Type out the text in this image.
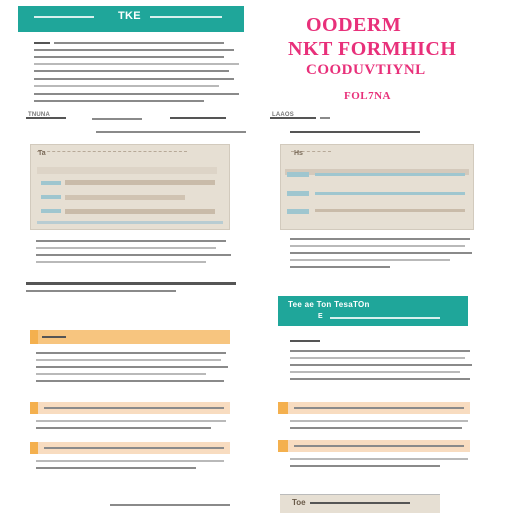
TKE	OODERM
NKT FORMHICH
COODUVTIYNL
FOL7NA
TNUNA	LAAOS
Ta	Hs
Tee ae Ton TesaTOn
E
Toe
